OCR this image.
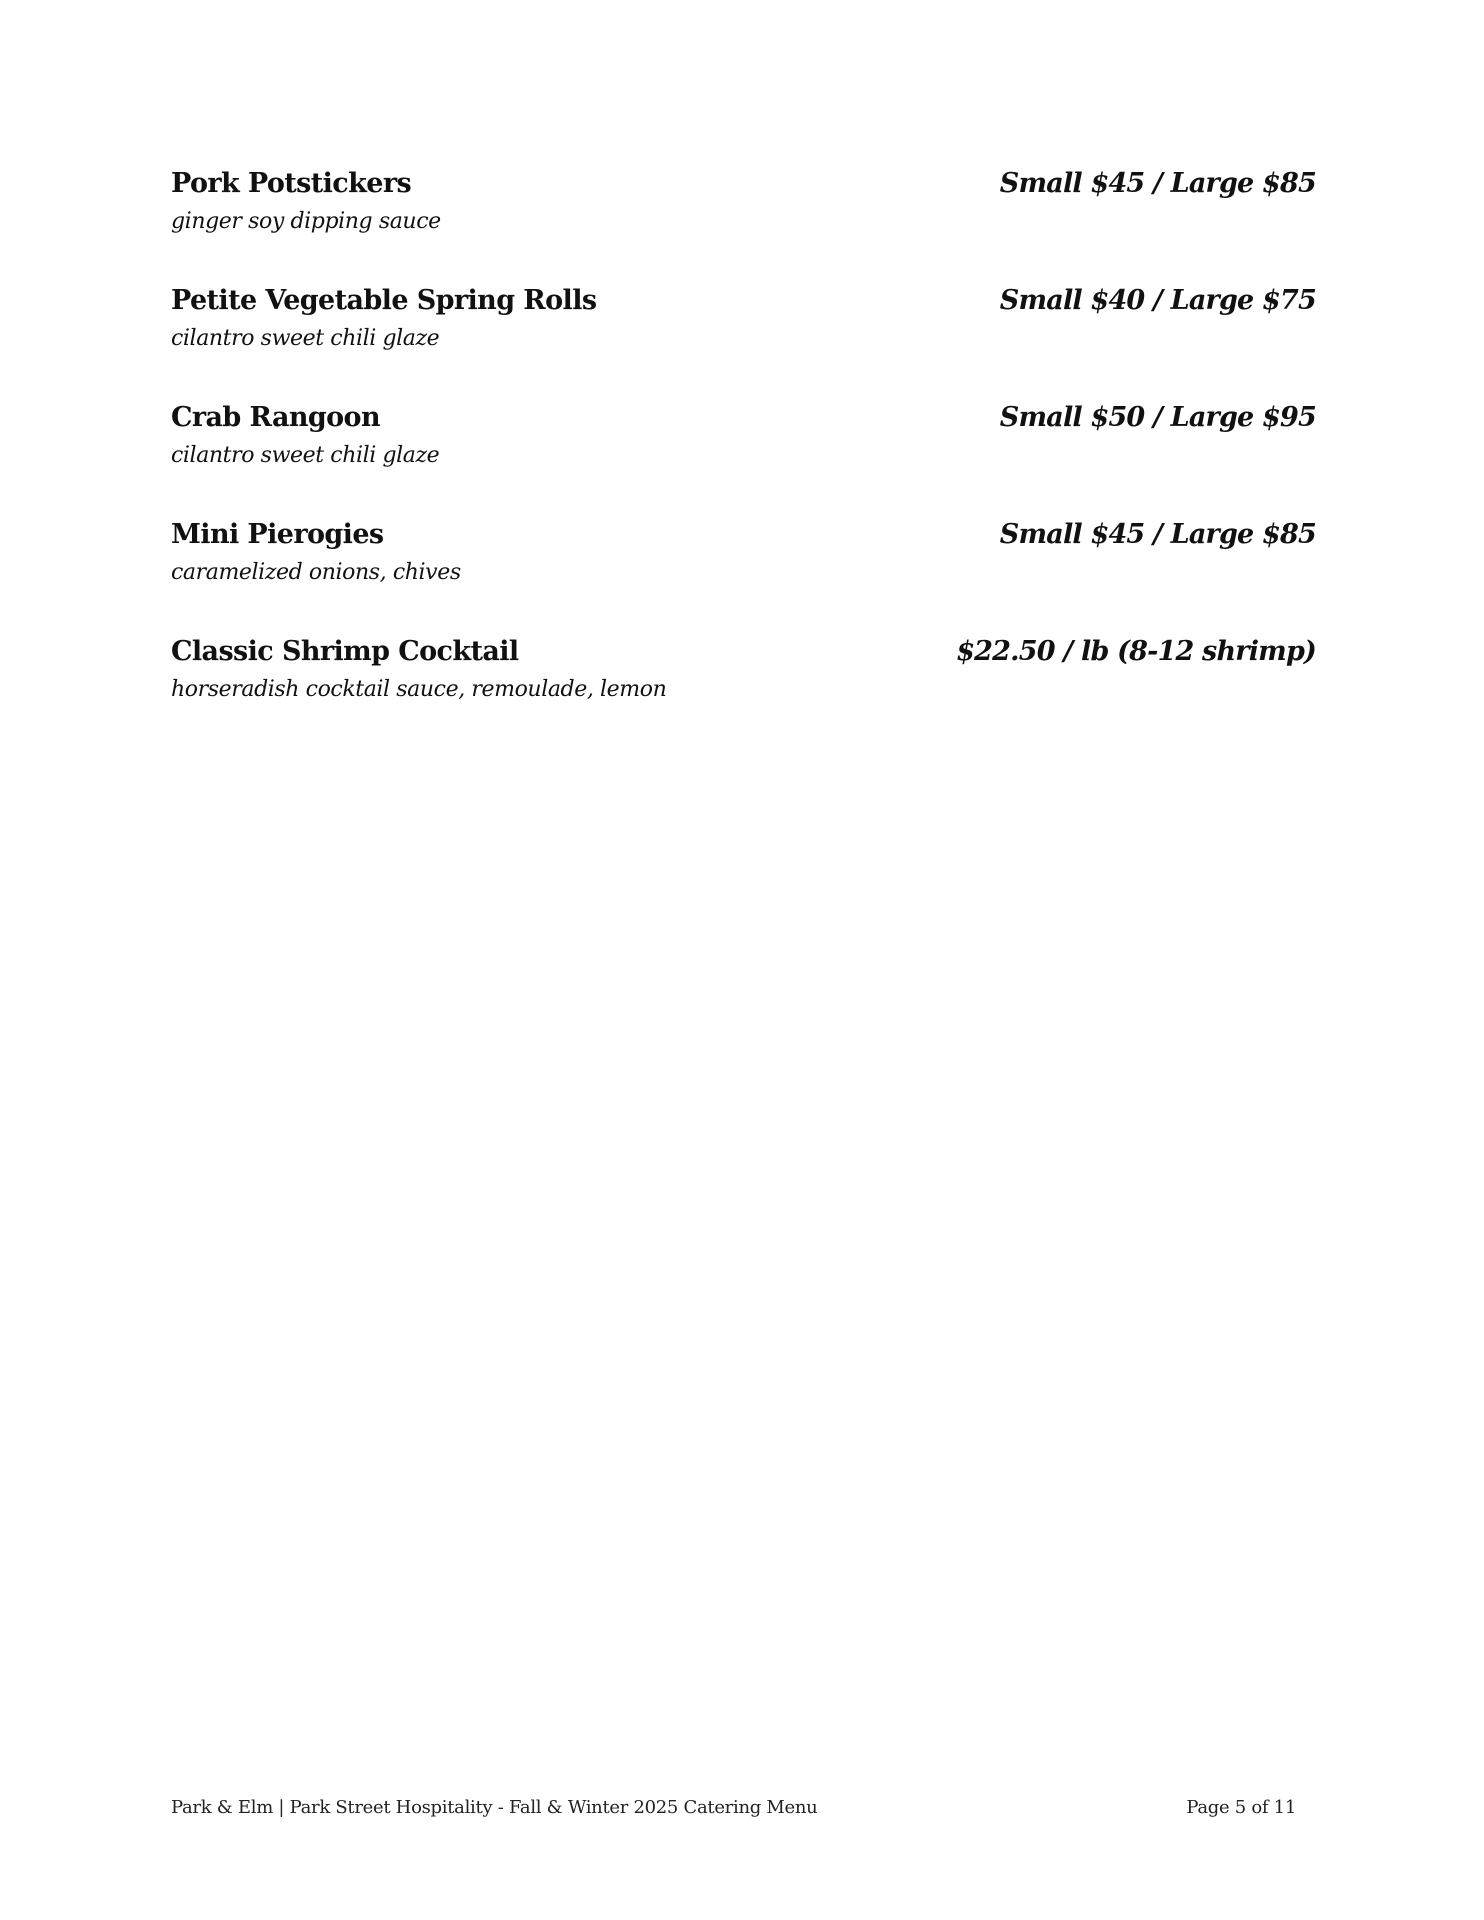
Pork Potstickers	Small $45 / Large $85
ginger soy dipping sauce
Petite Vegetable Spring Rolls	Small $40 / Large $75
cilantro sweet chili glaze
Crab Rangoon	Small $50 / Large $95
cilantro sweet chili glaze
Mini Pierogies	Small $45 / Large $85
caramelized onions, chives
Classic Shrimp Cocktail	$22.50 / lb (8-12 shrimp)
horseradish cocktail sauce, remoulade, lemon
Park & Elm | Park Street Hospitality - Fall & Winter 2025 Catering Menu	Page 5 of 11
